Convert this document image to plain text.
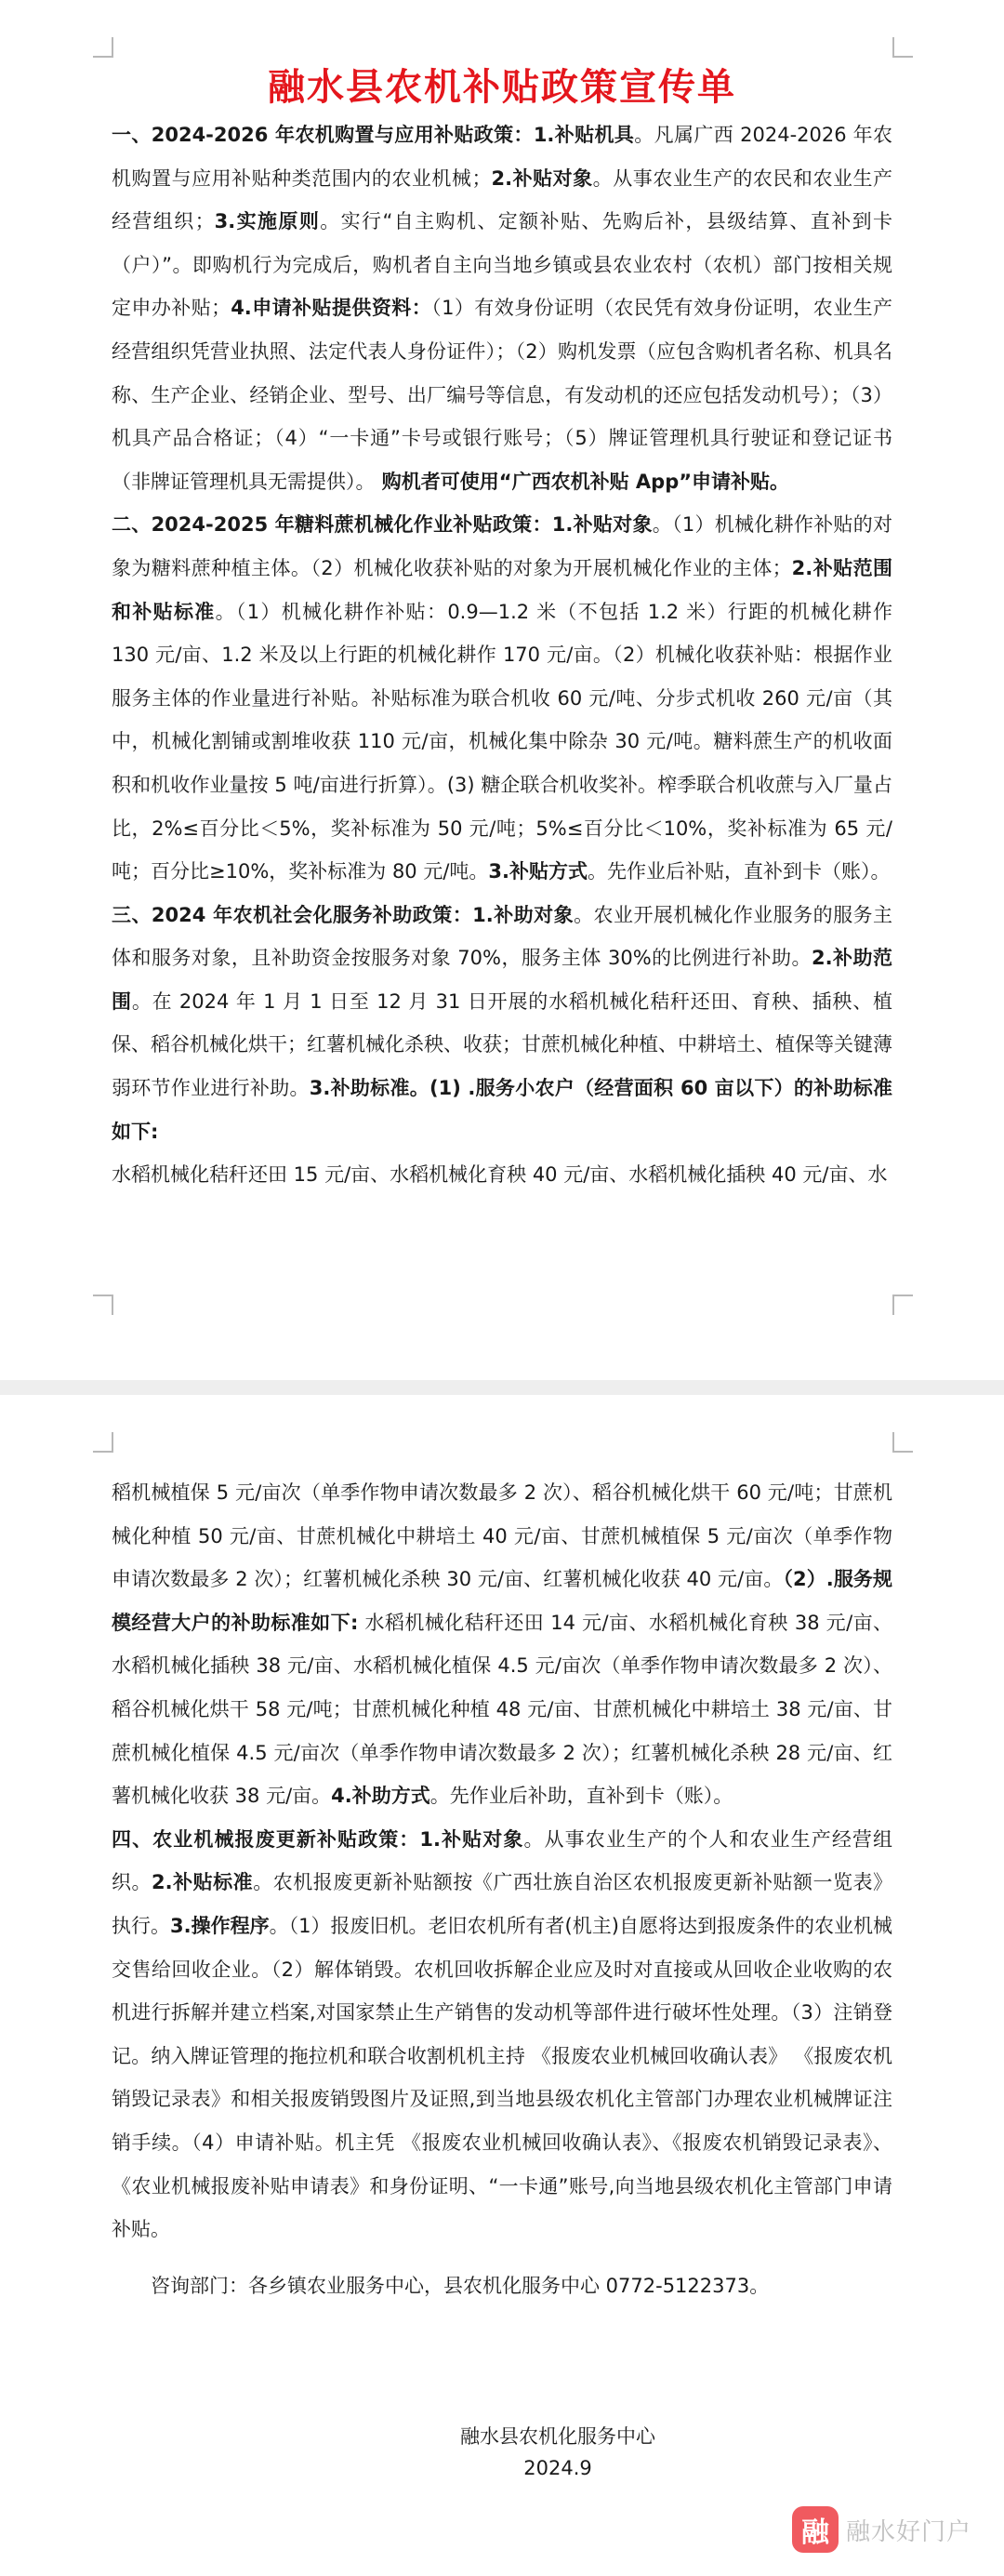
融水县农机补贴政策宣传单

一、2024-2026 年农机购置与应用补贴政策：1.补贴机具。凡属广西 2024-2026 年农机购置与应用补贴种类范围内的农业机械；2.补贴对象。从事农业生产的农民和农业生产经营组织；3.实施原则。实行“自主购机、定额补贴、先购后补，县级结算、直补到卡（户）”。即购机行为完成后，购机者自主向当地乡镇或县农业农村（农机）部门按相关规定申办补贴；4.申请补贴提供资料：（1）有效身份证明（农民凭有效身份证明，农业生产经营组织凭营业执照、法定代表人身份证件）；（2）购机发票（应包含购机者名称、机具名称、生产企业、经销企业、型号、出厂编号等信息，有发动机的还应包括发动机号）；（3）机具产品合格证；（4）“一卡通”卡号或银行账号；（5）牌证管理机具行驶证和登记证书（非牌证管理机具无需提供）。 购机者可使用“广西农机补贴 App”申请补贴。

二、2024-2025 年糖料蔗机械化作业补贴政策：1.补贴对象。（1）机械化耕作补贴的对象为糖料蔗种植主体。（2）机械化收获补贴的对象为开展机械化作业的主体；2.补贴范围和补贴标准。（1）机械化耕作补贴：0.9—1.2 米（不包括 1.2 米）行距的机械化耕作 130 元/亩、1.2 米及以上行距的机械化耕作 170 元/亩。（2）机械化收获补贴：根据作业服务主体的作业量进行补贴。补贴标准为联合机收 60 元/吨、分步式机收 260 元/亩（其中，机械化割铺或割堆收获 110 元/亩，机械化集中除杂 30 元/吨。糖料蔗生产的机收面积和机收作业量按 5 吨/亩进行折算）。(3) 糖企联合机收奖补。榨季联合机收蔗与入厂量占比，2%≤百分比＜5%，奖补标准为 50 元/吨；5%≤百分比＜10%，奖补标准为 65 元/吨；百分比≥10%，奖补标准为 80 元/吨。3.补贴方式。先作业后补贴，直补到卡（账）。

三、2024 年农机社会化服务补助政策：1.补助对象。农业开展机械化作业服务的服务主体和服务对象，且补助资金按服务对象 70%，服务主体 30%的比例进行补助。2.补助范围。在 2024 年 1 月 1 日至 12 月 31 日开展的水稻机械化秸秆还田、育秧、插秧、植保、稻谷机械化烘干；红薯机械化杀秧、收获；甘蔗机械化种植、中耕培土、植保等关键薄弱环节作业进行补助。3.补助标准。(1) .服务小农户（经营面积 60 亩以下）的补助标准如下:
水稻机械化秸秆还田 15 元/亩、水稻机械化育秧 40 元/亩、水稻机械化插秧 40 元/亩、水

稻机械植保 5 元/亩次（单季作物申请次数最多 2 次）、稻谷机械化烘干 60 元/吨；甘蔗机械化种植 50 元/亩、甘蔗机械化中耕培土 40 元/亩、甘蔗机械植保 5 元/亩次（单季作物申请次数最多 2 次）；红薯机械化杀秧 30 元/亩、红薯机械化收获 40 元/亩。（2）.服务规模经营大户的补助标准如下: 水稻机械化秸秆还田 14 元/亩、水稻机械化育秧 38 元/亩、水稻机械化插秧 38 元/亩、水稻机械化植保 4.5 元/亩次（单季作物申请次数最多 2 次）、稻谷机械化烘干 58 元/吨；甘蔗机械化种植 48 元/亩、甘蔗机械化中耕培土 38 元/亩、甘蔗机械化植保 4.5 元/亩次（单季作物申请次数最多 2 次）；红薯机械化杀秧 28 元/亩、红薯机械化收获 38 元/亩。4.补助方式。先作业后补助，直补到卡（账）。

四、农业机械报废更新补贴政策：1.补贴对象。从事农业生产的个人和农业生产经营组织。2.补贴标准。农机报废更新补贴额按《广西壮族自治区农机报废更新补贴额一览表》执行。3.操作程序。（1）报废旧机。老旧农机所有者(机主)自愿将达到报废条件的农业机械交售给回收企业。（2）解体销毁。农机回收拆解企业应及时对直接或从回收企业收购的农机进行拆解并建立档案,对国家禁止生产销售的发动机等部件进行破坏性处理。（3）注销登记。纳入牌证管理的拖拉机和联合收割机机主持 《报废农业机械回收确认表》 《报废农机销毁记录表》和相关报废销毁图片及证照,到当地县级农机化主管部门办理农业机械牌证注销手续。（4）申请补贴。机主凭 《报废农业机械回收确认表》、《报废农机销毁记录表》、《农业机械报废补贴申请表》和身份证明、“一卡通”账号,向当地县级农机化主管部门申请补贴。

咨询部门：各乡镇农业服务中心，县农机化服务中心 0772-5122373。

融水县农机化服务中心
2024.9
融 融水好门户
